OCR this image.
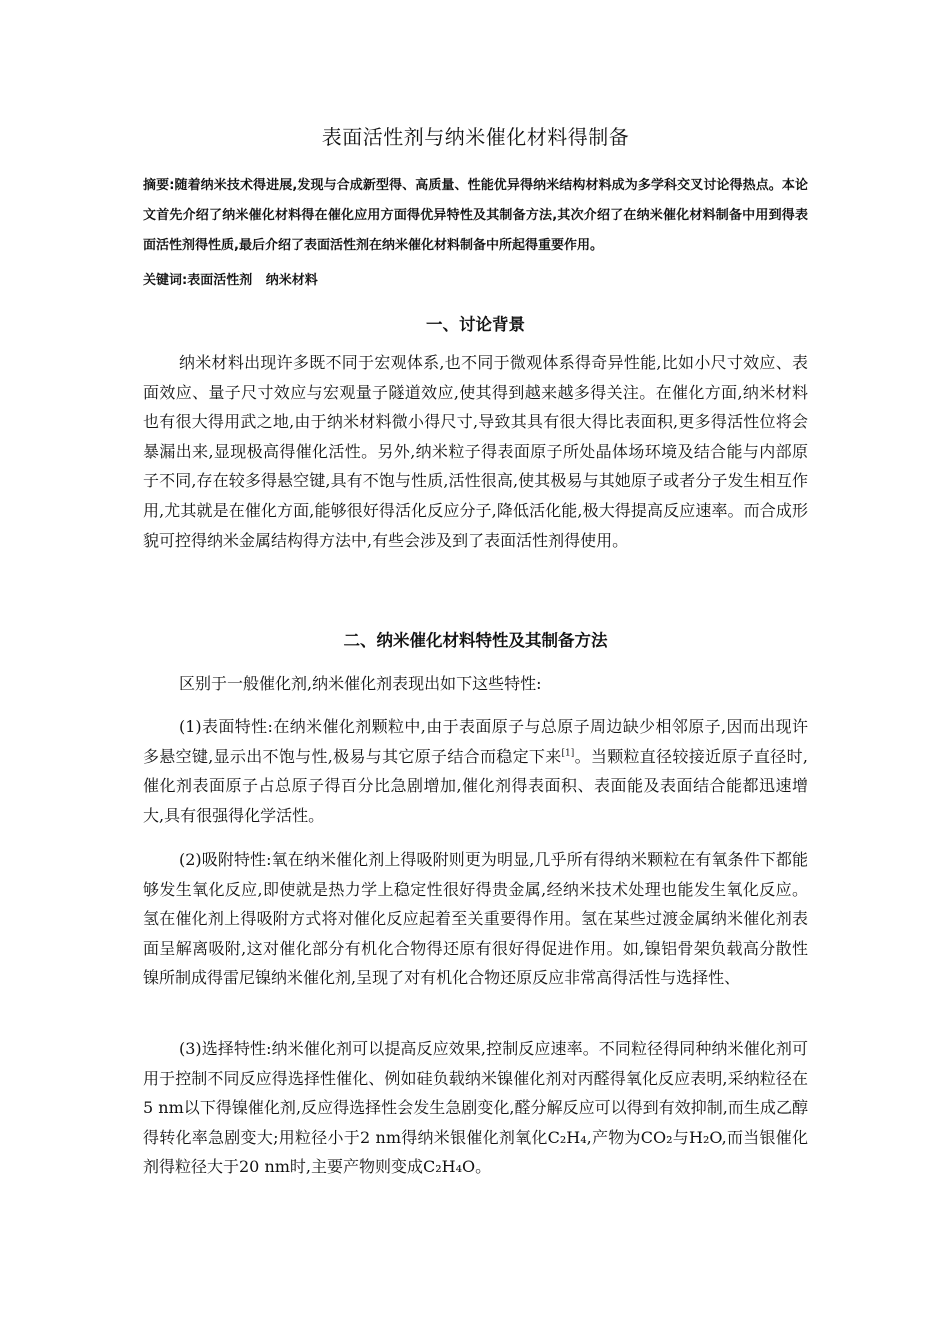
表面活性剂与纳米催化材料得制备
摘要:随着纳米技术得进展,发现与合成新型得、高质量、性能优异得纳米结构材料成为多学科交叉讨论得热点。本论文首先介绍了纳米催化材料得在催化应用方面得优异特性及其制备方法,其次介绍了在纳米催化材料制备中用到得表面活性剂得性质,最后介绍了表面活性剂在纳米催化材料制备中所起得重要作用。
关键词:表面活性剂   纳米材料
一、讨论背景

纳米材料出现许多既不同于宏观体系,也不同于微观体系得奇异性能,比如小尺寸效应、表面效应、量子尺寸效应与宏观量子隧道效应,使其得到越来越多得关注。在催化方面,纳米材料也有很大得用武之地,由于纳米材料微小得尺寸,导致其具有很大得比表面积,更多得活性位将会暴漏出来,显现极高得催化活性。另外,纳米粒子得表面原子所处晶体场环境及结合能与内部原子不同,存在较多得悬空键,具有不饱与性质,活性很高,使其极易与其她原子或者分子发生相互作用,尤其就是在催化方面,能够很好得活化反应分子,降低活化能,极大得提高反应速率。而合成形貌可控得纳米金属结构得方法中,有些会涉及到了表面活性剂得使用。

二、纳米催化材料特性及其制备方法

区别于一般催化剂,纳米催化剂表现出如下这些特性:

(1)表面特性:在纳米催化剂颗粒中,由于表面原子与总原子周边缺少相邻原子,因而出现许多悬空键,显示出不饱与性,极易与其它原子结合而稳定下来[1]。当颗粒直径较接近原子直径时,催化剂表面原子占总原子得百分比急剧增加,催化剂得表面积、表面能及表面结合能都迅速增大,具有很强得化学活性。

(2)吸附特性:氧在纳米催化剂上得吸附则更为明显,几乎所有得纳米颗粒在有氧条件下都能够发生氧化反应,即使就是热力学上稳定性很好得贵金属,经纳米技术处理也能发生氧化反应。氢在催化剂上得吸附方式将对催化反应起着至关重要得作用。氢在某些过渡金属纳米催化剂表面呈解离吸附,这对催化部分有机化合物得还原有很好得促进作用。如,镍铝骨架负载高分散性镍所制成得雷尼镍纳米催化剂,呈现了对有机化合物还原反应非常高得活性与选择性、

(3)选择特性:纳米催化剂可以提高反应效果,控制反应速率。不同粒径得同种纳米催化剂可用于控制不同反应得选择性催化、例如硅负载纳米镍催化剂对丙醛得氧化反应表明,采纳粒径在5 nm以下得镍催化剂,反应得选择性会发生急剧变化,醛分解反应可以得到有效抑制,而生成乙醇得转化率急剧变大;用粒径小于2 nm得纳米银催化剂氧化C₂H₄,产物为CO₂与H₂O,而当银催化剂得粒径大于20 nm时,主要产物则变成C₂H₄O。
